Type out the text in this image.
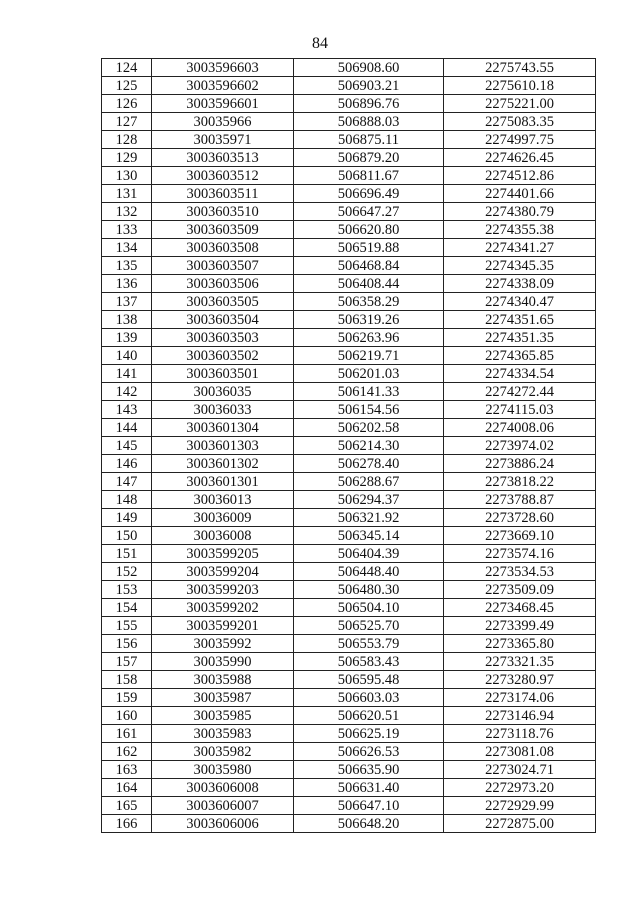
84
124	3003596603	506908.60	2275743.55
125	3003596602	506903.21	2275610.18
126	3003596601	506896.76	2275221.00
127	30035966	506888.03	2275083.35
128	30035971	506875.11	2274997.75
129	3003603513	506879.20	2274626.45
130	3003603512	506811.67	2274512.86
131	3003603511	506696.49	2274401.66
132	3003603510	506647.27	2274380.79
133	3003603509	506620.80	2274355.38
134	3003603508	506519.88	2274341.27
135	3003603507	506468.84	2274345.35
136	3003603506	506408.44	2274338.09
137	3003603505	506358.29	2274340.47
138	3003603504	506319.26	2274351.65
139	3003603503	506263.96	2274351.35
140	3003603502	506219.71	2274365.85
141	3003603501	506201.03	2274334.54
142	30036035	506141.33	2274272.44
143	30036033	506154.56	2274115.03
144	3003601304	506202.58	2274008.06
145	3003601303	506214.30	2273974.02
146	3003601302	506278.40	2273886.24
147	3003601301	506288.67	2273818.22
148	30036013	506294.37	2273788.87
149	30036009	506321.92	2273728.60
150	30036008	506345.14	2273669.10
151	3003599205	506404.39	2273574.16
152	3003599204	506448.40	2273534.53
153	3003599203	506480.30	2273509.09
154	3003599202	506504.10	2273468.45
155	3003599201	506525.70	2273399.49
156	30035992	506553.79	2273365.80
157	30035990	506583.43	2273321.35
158	30035988	506595.48	2273280.97
159	30035987	506603.03	2273174.06
160	30035985	506620.51	2273146.94
161	30035983	506625.19	2273118.76
162	30035982	506626.53	2273081.08
163	30035980	506635.90	2273024.71
164	3003606008	506631.40	2272973.20
165	3003606007	506647.10	2272929.99
166	3003606006	506648.20	2272875.00
